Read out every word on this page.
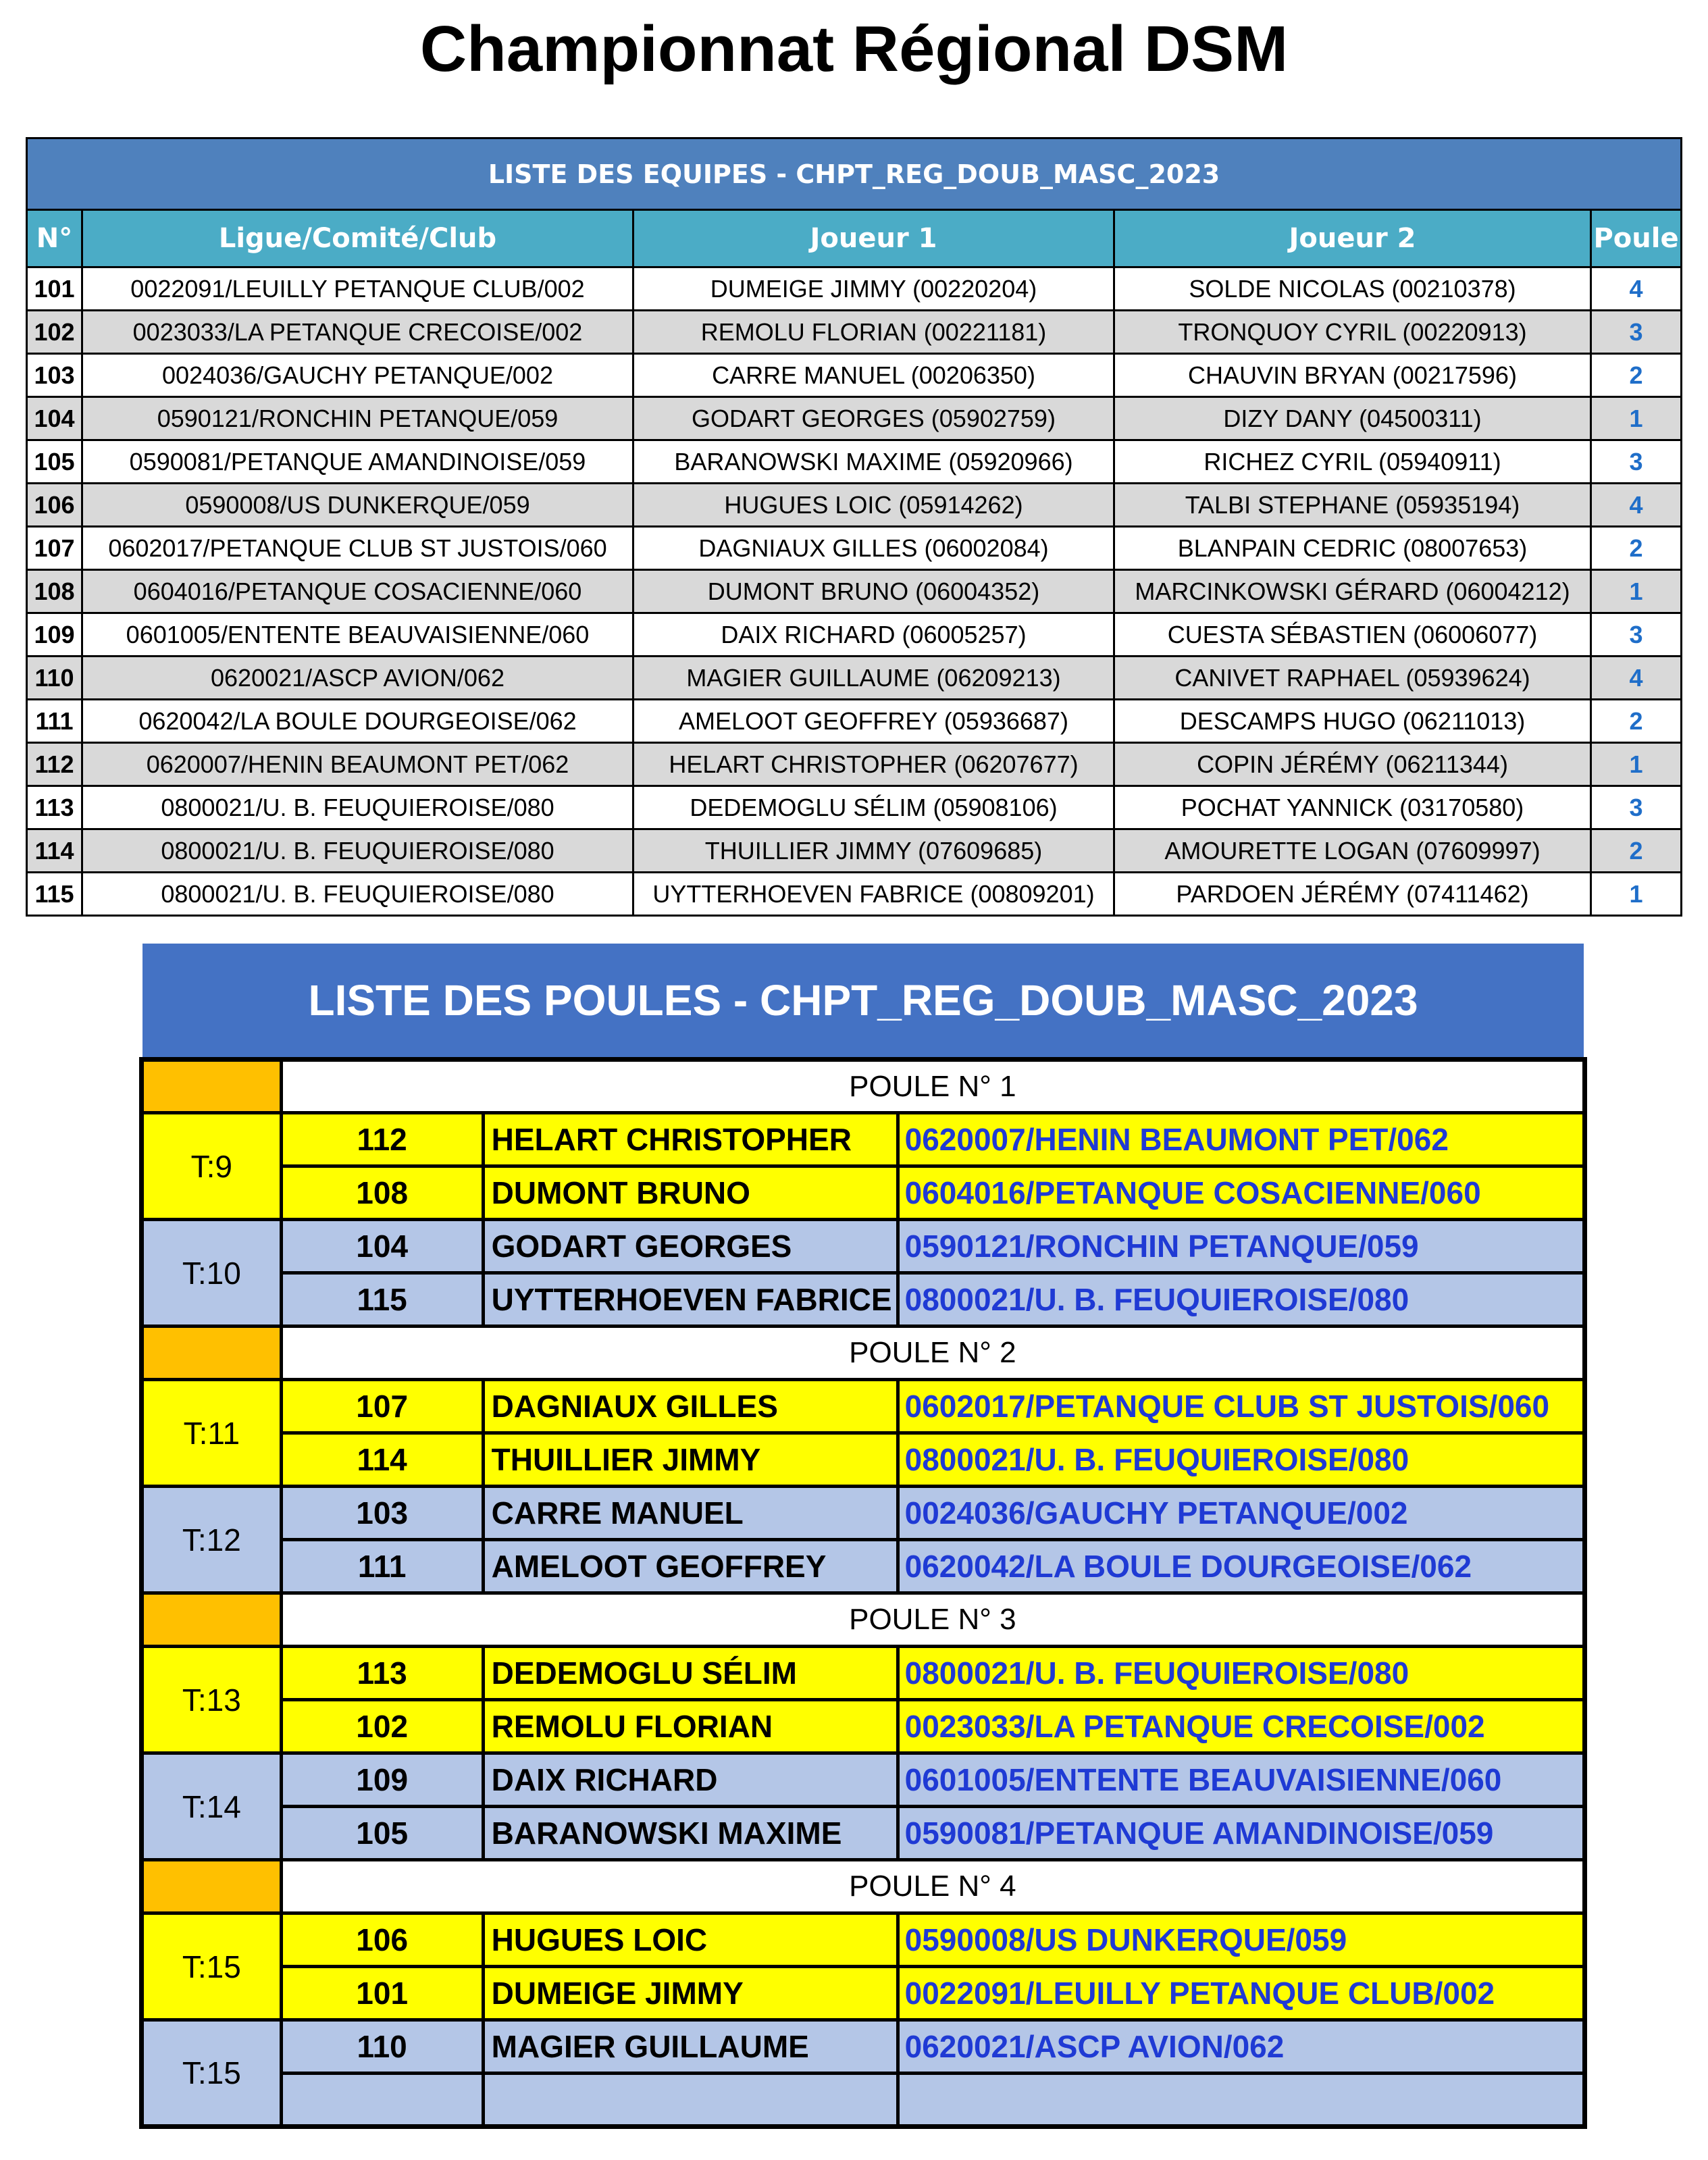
Championnat Régional DSM
LISTE DES EQUIPES - CHPT_REG_DOUB_MASC_2023				
N°	Ligue/Comité/Club	Joueur 1	Joueur 2	Poule
101	0022091/LEUILLY PETANQUE CLUB/002	DUMEIGE JIMMY (00220204)	SOLDE NICOLAS (00210378)	4
102	0023033/LA PETANQUE CRECOISE/002	REMOLU FLORIAN (00221181)	TRONQUOY CYRIL (00220913)	3
103	0024036/GAUCHY PETANQUE/002	CARRE MANUEL (00206350)	CHAUVIN BRYAN (00217596)	2
104	0590121/RONCHIN PETANQUE/059	GODART GEORGES (05902759)	DIZY DANY (04500311)	1
105	0590081/PETANQUE AMANDINOISE/059	BARANOWSKI MAXIME (05920966)	RICHEZ CYRIL (05940911)	3
106	0590008/US DUNKERQUE/059	HUGUES LOIC (05914262)	TALBI STEPHANE (05935194)	4
107	0602017/PETANQUE CLUB ST JUSTOIS/060	DAGNIAUX GILLES (06002084)	BLANPAIN CEDRIC (08007653)	2
108	0604016/PETANQUE COSACIENNE/060	DUMONT BRUNO (06004352)	MARCINKOWSKI GÉRARD (06004212)	1
109	0601005/ENTENTE BEAUVAISIENNE/060	DAIX RICHARD (06005257)	CUESTA SÉBASTIEN (06006077)	3
110	0620021/ASCP AVION/062	MAGIER GUILLAUME (06209213)	CANIVET RAPHAEL (05939624)	4
111	0620042/LA BOULE DOURGEOISE/062	AMELOOT GEOFFREY (05936687)	DESCAMPS HUGO (06211013)	2
112	0620007/HENIN BEAUMONT PET/062	HELART CHRISTOPHER (06207677)	COPIN JÉRÉMY (06211344)	1
113	0800021/U. B. FEUQUIEROISE/080	DEDEMOGLU SÉLIM (05908106)	POCHAT YANNICK (03170580)	3
114	0800021/U. B. FEUQUIEROISE/080	THUILLIER JIMMY (07609685)	AMOURETTE LOGAN (07609997)	2
115	0800021/U. B. FEUQUIEROISE/080	UYTTERHOEVEN FABRICE (00809201)	PARDOEN JÉRÉMY (07411462)	1
LISTE DES POULES - CHPT_REG_DOUB_MASC_2023
	POULE N° 1		
T:9	112	HELART CHRISTOPHER	0620007/HENIN BEAUMONT PET/062
	108	DUMONT BRUNO	0604016/PETANQUE COSACIENNE/060
T:10	104	GODART GEORGES	0590121/RONCHIN PETANQUE/059
	115	UYTTERHOEVEN FABRICE	0800021/U. B. FEUQUIEROISE/080
	POULE N° 2		
T:11	107	DAGNIAUX GILLES	0602017/PETANQUE CLUB ST JUSTOIS/060
	114	THUILLIER JIMMY	0800021/U. B. FEUQUIEROISE/080
T:12	103	CARRE MANUEL	0024036/GAUCHY PETANQUE/002
	111	AMELOOT GEOFFREY	0620042/LA BOULE DOURGEOISE/062
	POULE N° 3		
T:13	113	DEDEMOGLU SÉLIM	0800021/U. B. FEUQUIEROISE/080
	102	REMOLU FLORIAN	0023033/LA PETANQUE CRECOISE/002
T:14	109	DAIX RICHARD	0601005/ENTENTE BEAUVAISIENNE/060
	105	BARANOWSKI MAXIME	0590081/PETANQUE AMANDINOISE/059
	POULE N° 4		
T:15	106	HUGUES LOIC	0590008/US DUNKERQUE/059
	101	DUMEIGE JIMMY	0022091/LEUILLY PETANQUE CLUB/002
T:15	110	MAGIER GUILLAUME	0620021/ASCP AVION/062
